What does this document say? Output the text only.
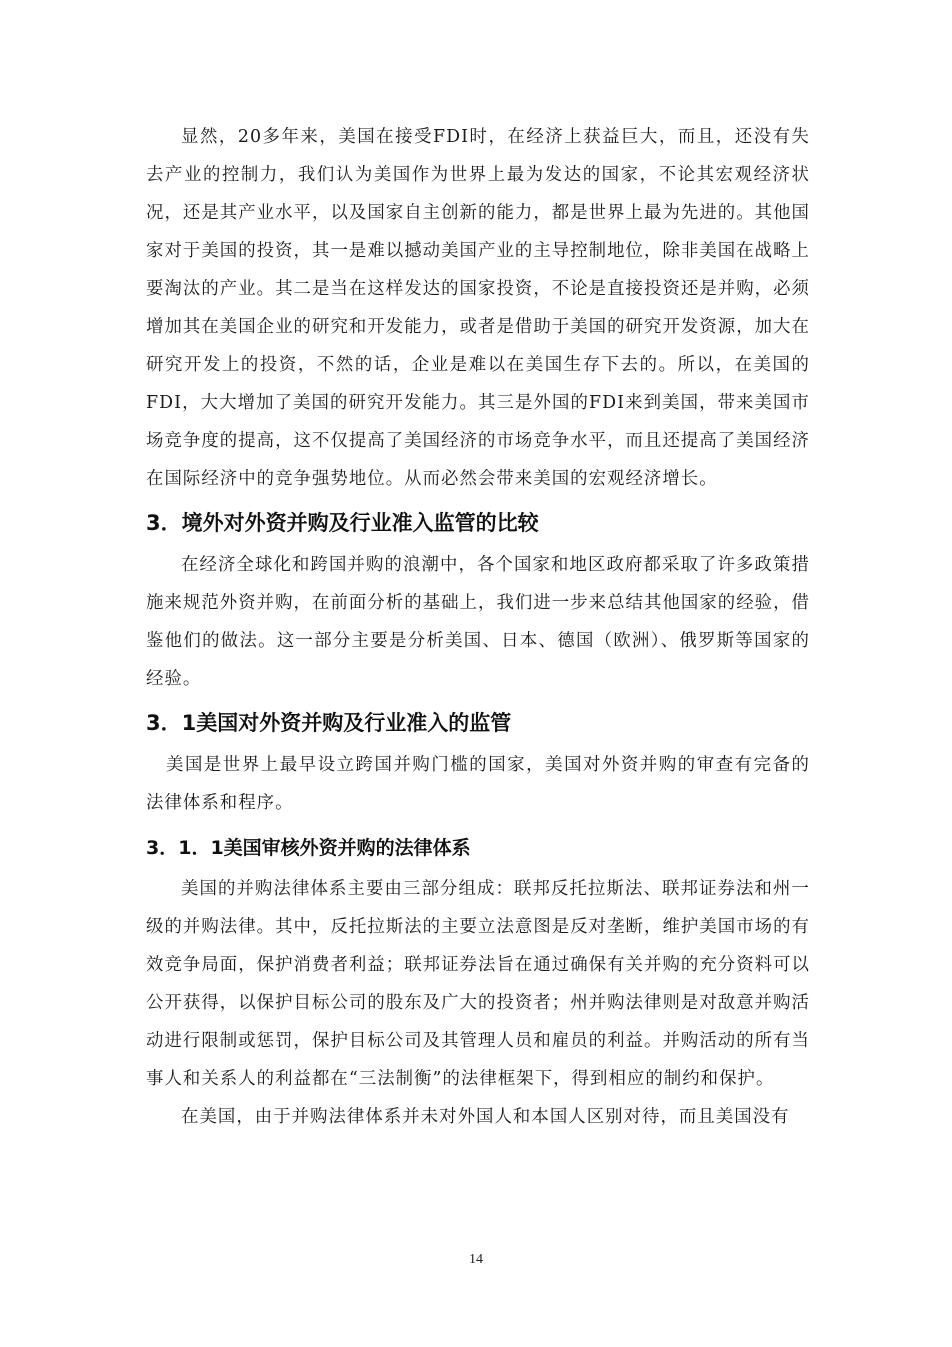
显然，20多年来，美国在接受FDI时，在经济上获益巨大，而且，还没有失去产业的控制力，我们认为美国作为世界上最为发达的国家，不论其宏观经济状况，还是其产业水平，以及国家自主创新的能力，都是世界上最为先进的。其他国家对于美国的投资，其一是难以撼动美国产业的主导控制地位，除非美国在战略上要淘汰的产业。其二是当在这样发达的国家投资，不论是直接投资还是并购，必须增加其在美国企业的研究和开发能力，或者是借助于美国的研究开发资源，加大在研究开发上的投资，不然的话，企业是难以在美国生存下去的。所以，在美国的FDI，大大增加了美国的研究开发能力。其三是外国的FDI来到美国，带来美国市场竞争度的提高，这不仅提高了美国经济的市场竞争水平，而且还提高了美国经济在国际经济中的竞争强势地位。从而必然会带来美国的宏观经济增长。

3．境外对外资并购及行业准入监管的比较

在经济全球化和跨国并购的浪潮中，各个国家和地区政府都采取了许多政策措施来规范外资并购，在前面分析的基础上，我们进一步来总结其他国家的经验，借鉴他们的做法。这一部分主要是分析美国、日本、德国（欧洲）、俄罗斯等国家的经验。

3．1美国对外资并购及行业准入的监管

美国是世界上最早设立跨国并购门槛的国家，美国对外资并购的审查有完备的法律体系和程序。

3．1．1美国审核外资并购的法律体系

美国的并购法律体系主要由三部分组成：联邦反托拉斯法、联邦证券法和州一级的并购法律。其中，反托拉斯法的主要立法意图是反对垄断，维护美国市场的有效竞争局面，保护消费者利益；联邦证券法旨在通过确保有关并购的充分资料可以公开获得，以保护目标公司的股东及广大的投资者；州并购法律则是对敌意并购活动进行限制或惩罚，保护目标公司及其管理人员和雇员的利益。并购活动的所有当事人和关系人的利益都在“三法制衡”的法律框架下，得到相应的制约和保护。

在美国，由于并购法律体系并未对外国人和本国人区别对待，而且美国没有

14
